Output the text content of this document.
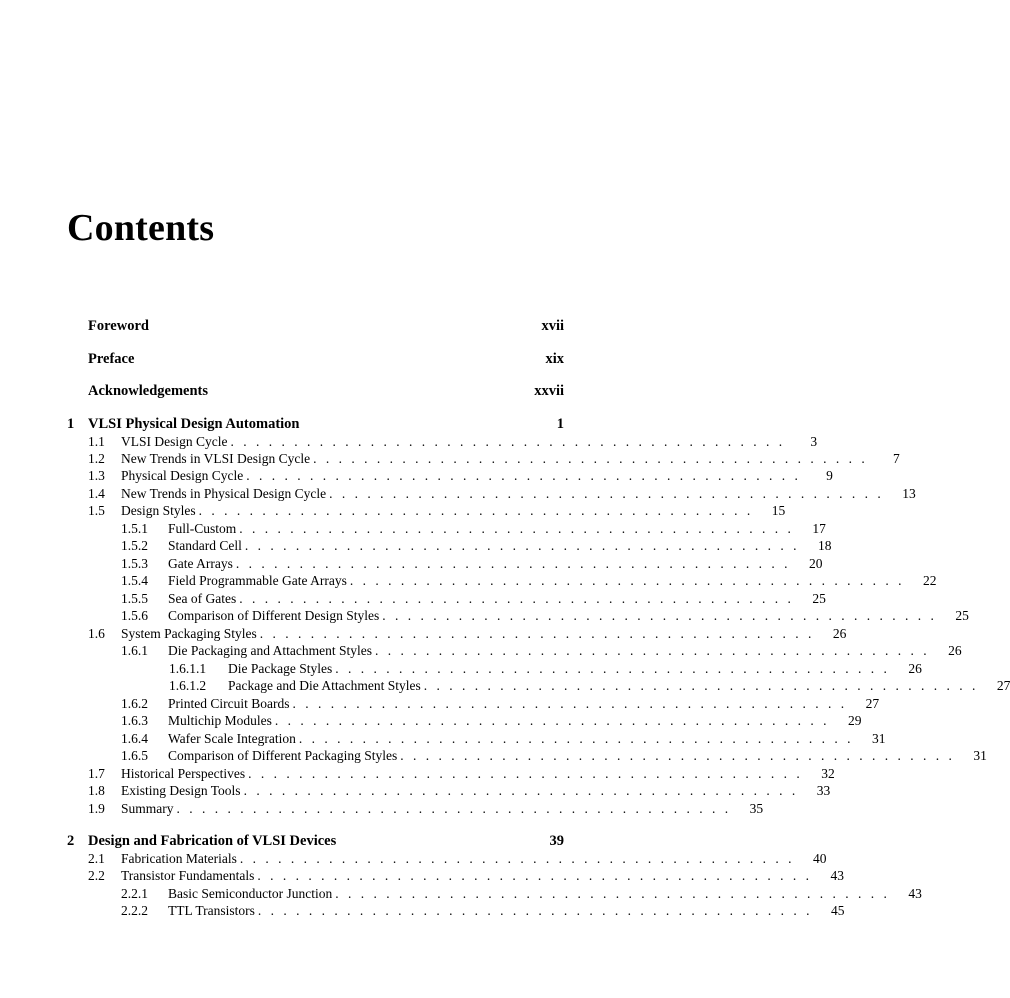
Contents
Foreword	xvii
Preface	xix
Acknowledgements	xxvii
1 VLSI Physical Design Automation	1
1.1	VLSI Design Cycle . . . . . . . . . . . . . . . . . . . . . . . . . . . . . . . . . . . . . . . . . . . .	3
1.2	New Trends in VLSI Design Cycle . . . . . . . . . . . . . . . . . . . . . . . . . . . . . . . . . . . . . . . . . . . .	7
1.3	Physical Design Cycle . . . . . . . . . . . . . . . . . . . . . . . . . . . . . . . . . . . . . . . . . . . .	9
1.4	New Trends in Physical Design Cycle . . . . . . . . . . . . . . . . . . . . . . . . . . . . . . . . . . . . . . . . . . . .	13
1.5	Design Styles . . . . . . . . . . . . . . . . . . . . . . . . . . . . . . . . . . . . . . . . . . . .	15
1.5.1	Full-Custom . . . . . . . . . . . . . . . . . . . . . . . . . . . . . . . . . . . . . . . . . . . .	17
1.5.2	Standard Cell . . . . . . . . . . . . . . . . . . . . . . . . . . . . . . . . . . . . . . . . . . . .	18
1.5.3	Gate Arrays . . . . . . . . . . . . . . . . . . . . . . . . . . . . . . . . . . . . . . . . . . . .	20
1.5.4	Field Programmable Gate Arrays . . . . . . . . . . . . . . . . . . . . . . . . . . . . . . . . . . . . . . . . . . . .	22
1.5.5	Sea of Gates . . . . . . . . . . . . . . . . . . . . . . . . . . . . . . . . . . . . . . . . . . . .	25
1.5.6	Comparison of Different Design Styles . . . . . . . . . . . . . . . . . . . . . . . . . . . . . . . . . . . . . . . . . . . .	25
1.6	System Packaging Styles . . . . . . . . . . . . . . . . . . . . . . . . . . . . . . . . . . . . . . . . . . . .	26
1.6.1	Die Packaging and Attachment Styles . . . . . . . . . . . . . . . . . . . . . . . . . . . . . . . . . . . . . . . . . . . .	26
1.6.1.1	Die Package Styles . . . . . . . . . . . . . . . . . . . . . . . . . . . . . . . . . . . . . . . . . . . .	26
1.6.1.2	Package and Die Attachment Styles . . . . . . . . . . . . . . . . . . . . . . . . . . . . . . . . . . . . . . . . . . . .	27
1.6.2	Printed Circuit Boards . . . . . . . . . . . . . . . . . . . . . . . . . . . . . . . . . . . . . . . . . . . .	27
1.6.3	Multichip Modules . . . . . . . . . . . . . . . . . . . . . . . . . . . . . . . . . . . . . . . . . . . .	29
1.6.4	Wafer Scale Integration . . . . . . . . . . . . . . . . . . . . . . . . . . . . . . . . . . . . . . . . . . . .	31
1.6.5	Comparison of Different Packaging Styles . . . . . . . . . . . . . . . . . . . . . . . . . . . . . . . . . . . . . . . . . . . .	31
1.7	Historical Perspectives . . . . . . . . . . . . . . . . . . . . . . . . . . . . . . . . . . . . . . . . . . . .	32
1.8	Existing Design Tools . . . . . . . . . . . . . . . . . . . . . . . . . . . . . . . . . . . . . . . . . . . .	33
1.9	Summary . . . . . . . . . . . . . . . . . . . . . . . . . . . . . . . . . . . . . . . . . . . .	35
2 Design and Fabrication of VLSI Devices	39
2.1	Fabrication Materials . . . . . . . . . . . . . . . . . . . . . . . . . . . . . . . . . . . . . . . . . . . .	40
2.2	Transistor Fundamentals . . . . . . . . . . . . . . . . . . . . . . . . . . . . . . . . . . . . . . . . . . . .	43
2.2.1	Basic Semiconductor Junction . . . . . . . . . . . . . . . . . . . . . . . . . . . . . . . . . . . . . . . . . . . .	43
2.2.2	TTL Transistors . . . . . . . . . . . . . . . . . . . . . . . . . . . . . . . . . . . . . . . . . . . .	45
